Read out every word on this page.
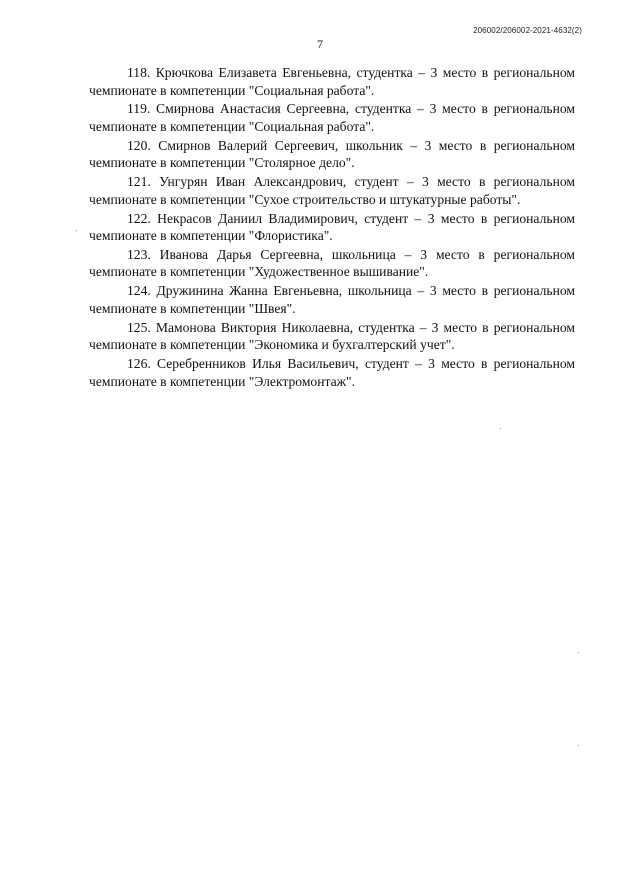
206002/206002-2021-4632(2)
7

118. Крючкова Елизавета Евгеньевна, студентка – 3 место в региональном чемпионате в компетенции "Социальная работа".

119. Смирнова Анастасия Сергеевна, студентка – 3 место в региональном чемпионате в компетенции "Социальная работа".

120. Смирнов Валерий Сергеевич, школьник – 3 место в региональном чемпионате в компетенции "Столярное дело".

121. Унгурян Иван Александрович, студент – 3 место в региональном чемпионате в компетенции "Сухое строительство и штукатурные работы".

122. Некрасов Даниил Владимирович, студент – 3 место в региональном чемпионате в компетенции "Флористика".

123. Иванова Дарья Сергеевна, школьница – 3 место в региональном чемпионате в компетенции "Художественное вышивание".

124. Дружинина Жанна Евгеньевна, школьница – 3 место в региональном чемпионате в компетенции "Швея".

125. Мамонова Виктория Николаевна, студентка – 3 место в региональном чемпионате в компетенции "Экономика и бухгалтерский учет".

126. Серебренников Илья Васильевич, студент – 3 место в региональном чемпионате в компетенции "Электромонтаж".
